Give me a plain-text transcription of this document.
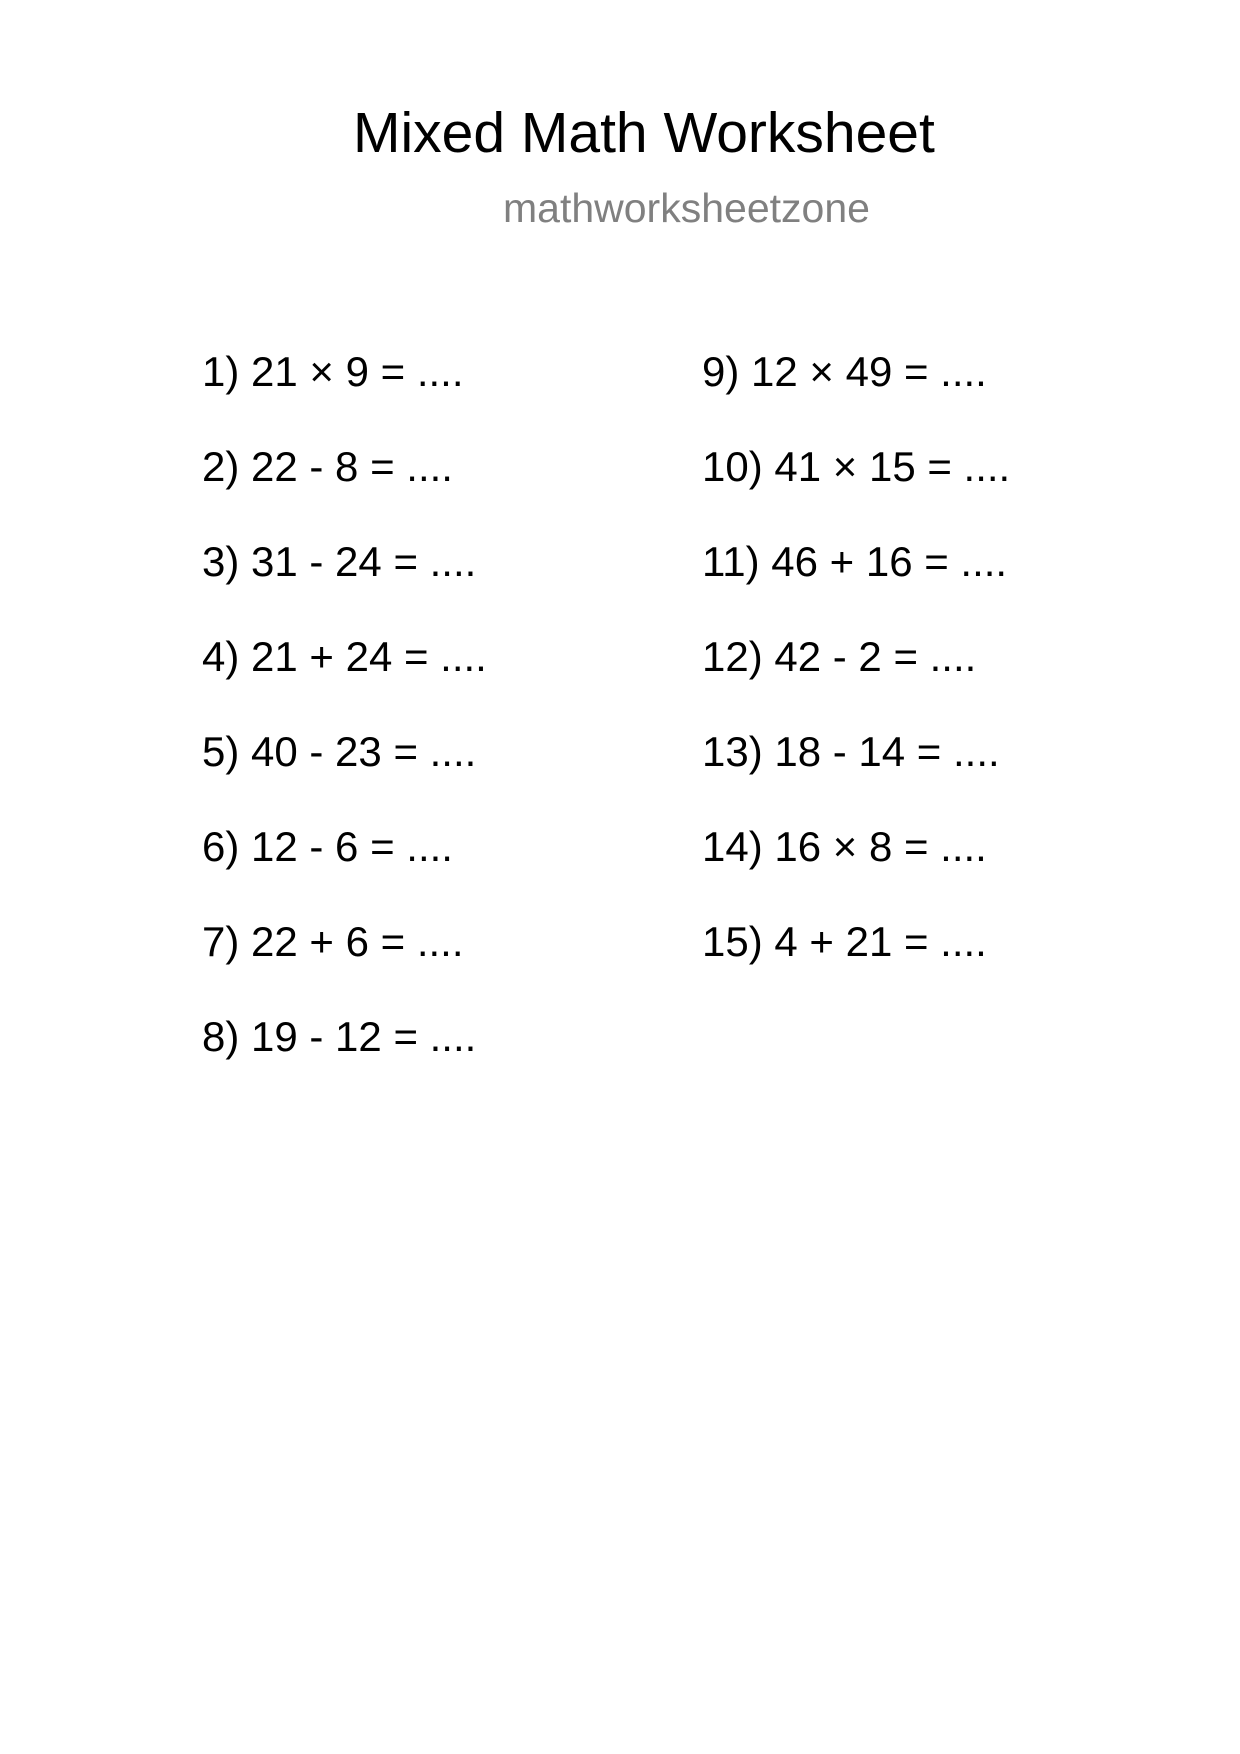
Mixed Math Worksheet
mathworksheetzone
1) 21 × 9 = ....
2) 22 - 8 = ....
3) 31 - 24 = ....
4) 21 + 24 = ....
5) 40 - 23 = ....
6) 12 - 6 = ....
7) 22 + 6 = ....
8) 19 - 12 = ....
9) 12 × 49 = ....
10) 41 × 15 = ....
11) 46 + 16 = ....
12) 42 - 2 = ....
13) 18 - 14 = ....
14) 16 × 8 = ....
15) 4 + 21 = ....
